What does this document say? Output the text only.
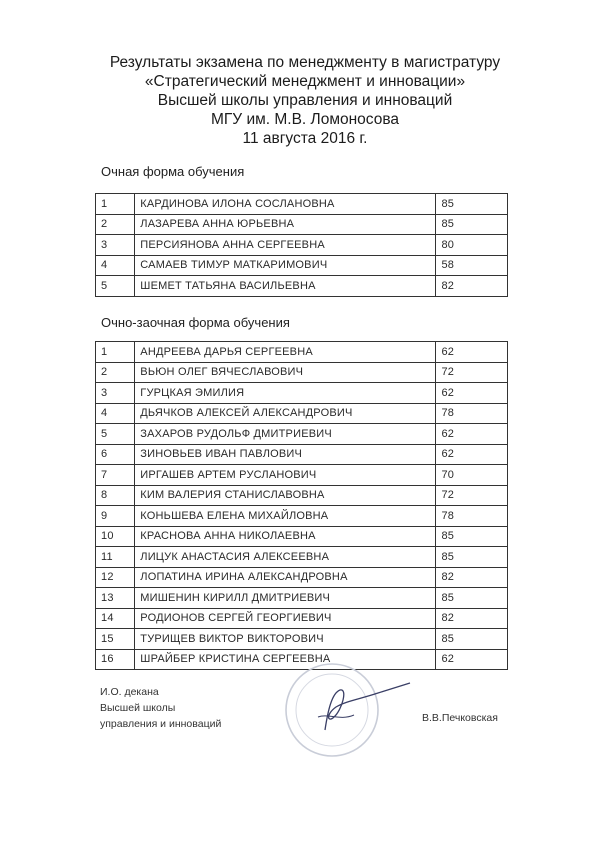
Результаты экзамена по менеджменту в магистратуру
«Стратегический менеджмент и инновации»
Высшей школы управления и инноваций
МГУ им. М.В. Ломоносова
11 августа 2016 г.
Очная форма обучения
1	КАРДИНОВА ИЛОНА СОСЛАНОВНА	85
2	ЛАЗАРЕВА АННА ЮРЬЕВНА	85
3	ПЕРСИЯНОВА АННА СЕРГЕЕВНА	80
4	САМАЕВ ТИМУР МАТКАРИМОВИЧ	58
5	ШЕМЕТ ТАТЬЯНА ВАСИЛЬЕВНА	82
Очно-заочная форма обучения
1	АНДРЕЕВА ДАРЬЯ СЕРГЕЕВНА	62
2	ВЬЮН ОЛЕГ ВЯЧЕСЛАВОВИЧ	72
3	ГУРЦКАЯ ЭМИЛИЯ	62
4	ДЬЯЧКОВ АЛЕКСЕЙ АЛЕКСАНДРОВИЧ	78
5	ЗАХАРОВ РУДОЛЬФ ДМИТРИЕВИЧ	62
6	ЗИНОВЬЕВ ИВАН ПАВЛОВИЧ	62
7	ИРГАШЕВ АРТЕМ РУСЛАНОВИЧ	70
8	КИМ ВАЛЕРИЯ СТАНИСЛАВОВНА	72
9	КОНЬШЕВА ЕЛЕНА МИХАЙЛОВНА	78
10	КРАСНОВА АННА НИКОЛАЕВНА	85
11	ЛИЦУК АНАСТАСИЯ АЛЕКСЕЕВНА	85
12	ЛОПАТИНА ИРИНА АЛЕКСАНДРОВНА	82
13	МИШЕНИН КИРИЛЛ ДМИТРИЕВИЧ	85
14	РОДИОНОВ СЕРГЕЙ ГЕОРГИЕВИЧ	82
15	ТУРИЩЕВ ВИКТОР ВИКТОРОВИЧ	85
16	ШРАЙБЕР КРИСТИНА СЕРГЕЕВНА	62
И.О. декана
Высшей школы
управления и инноваций	В.В.Печковская
